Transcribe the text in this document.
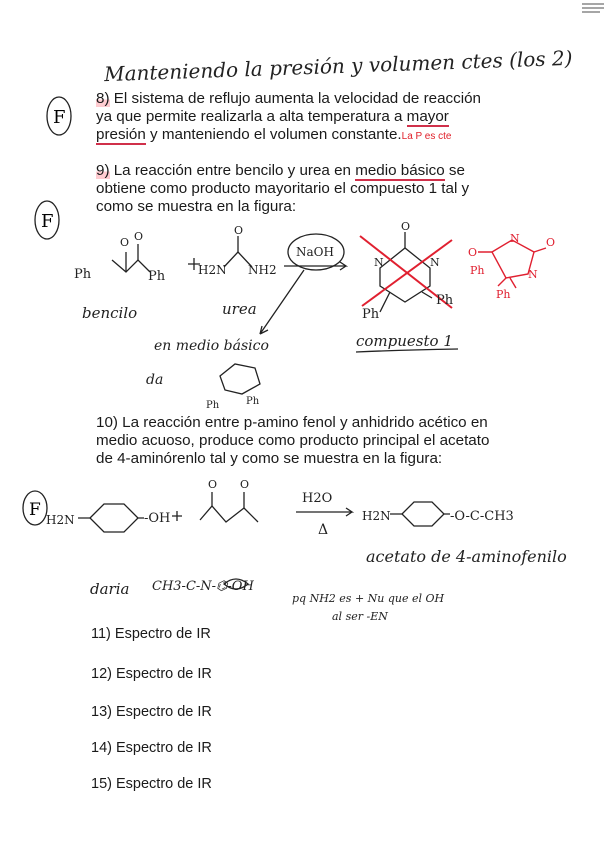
Manteniendo la presión y volumen ctes (los 2)
F
8) El sistema de reflujo aumenta la velocidad de reacción
ya que permite realizarla a alta temperatura a mayor
presión y manteniendo el volumen constante.La P es cte
F
9) La reacción entre bencilo y urea en medio básico se
obtiene como producto mayoritario el compuesto 1 tal y
como se muestra en la figura:
Ph	Ph
O O
H2N NH2
O
NaOH
O
N	N
Ph
Ph
bencilo	urea
compuesto 1
en medio básico
da
Ph	Ph
O
O
N
N
Ph
Ph
10) La reacción entre p-amino fenol y anhidrido acético en
medio acuoso, produce como producto principal el acetato
de 4-aminórenlo tal y como se muestra en la figura:
F H2N	-OH
O O
H2O
Δ
H2N	-O-C-CH3
acetato de 4-aminofenilo
daria CH3-C-N-⌬-OH
pq NH2 es + Nu que el OH
al ser -EN
11) Espectro de IR
12) Espectro de IR
13) Espectro de IR
14) Espectro de IR
15) Espectro de IR
